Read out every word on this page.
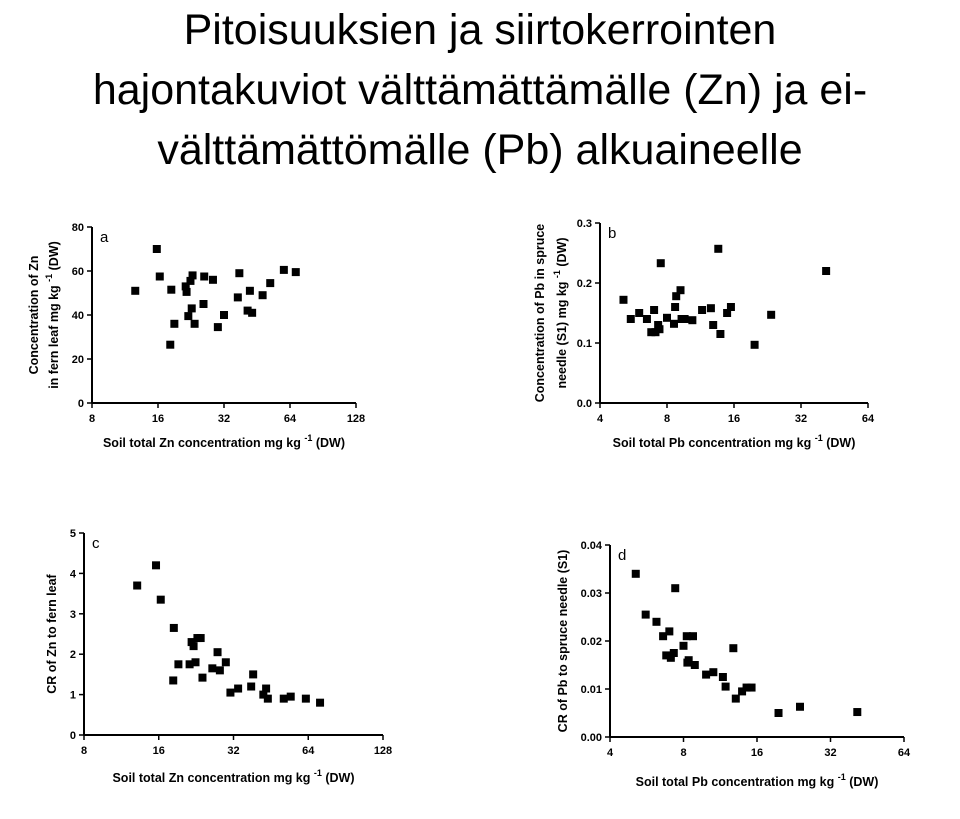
Pitoisuuksien ja siirtokerrointen
hajontakuviot välttämättämälle (Zn) ja ei-
välttämättömälle (Pb) alkuaineelle
8	16	32	64	128
0
20
40
60
80
a
Soil total Zn concentration mg kg $^{-1}$ (DW)
Concentration of Zn in fern leaf mg kg $^{-1}$ (DW)
4	8	16	32	64
0.0
0.1
0.2
0.3
b
Soil total Pb concentration mg kg $^{-1}$ (DW)
Concentration of Pb in spruce needle (S1) mg kg $^{-1}$ (DW)
8	16	32	64	128
0
1
2
3
4
5
c
Soil total Zn concentration mg kg $^{-1}$ (DW)
CR of Zn to fern leaf
4	8	16	32	64
0.00
0.01
0.02
0.03
0.04
d
Soil total Pb concentration mg kg $^{-1}$ (DW)
CR of Pb to spruce needle (S1)
